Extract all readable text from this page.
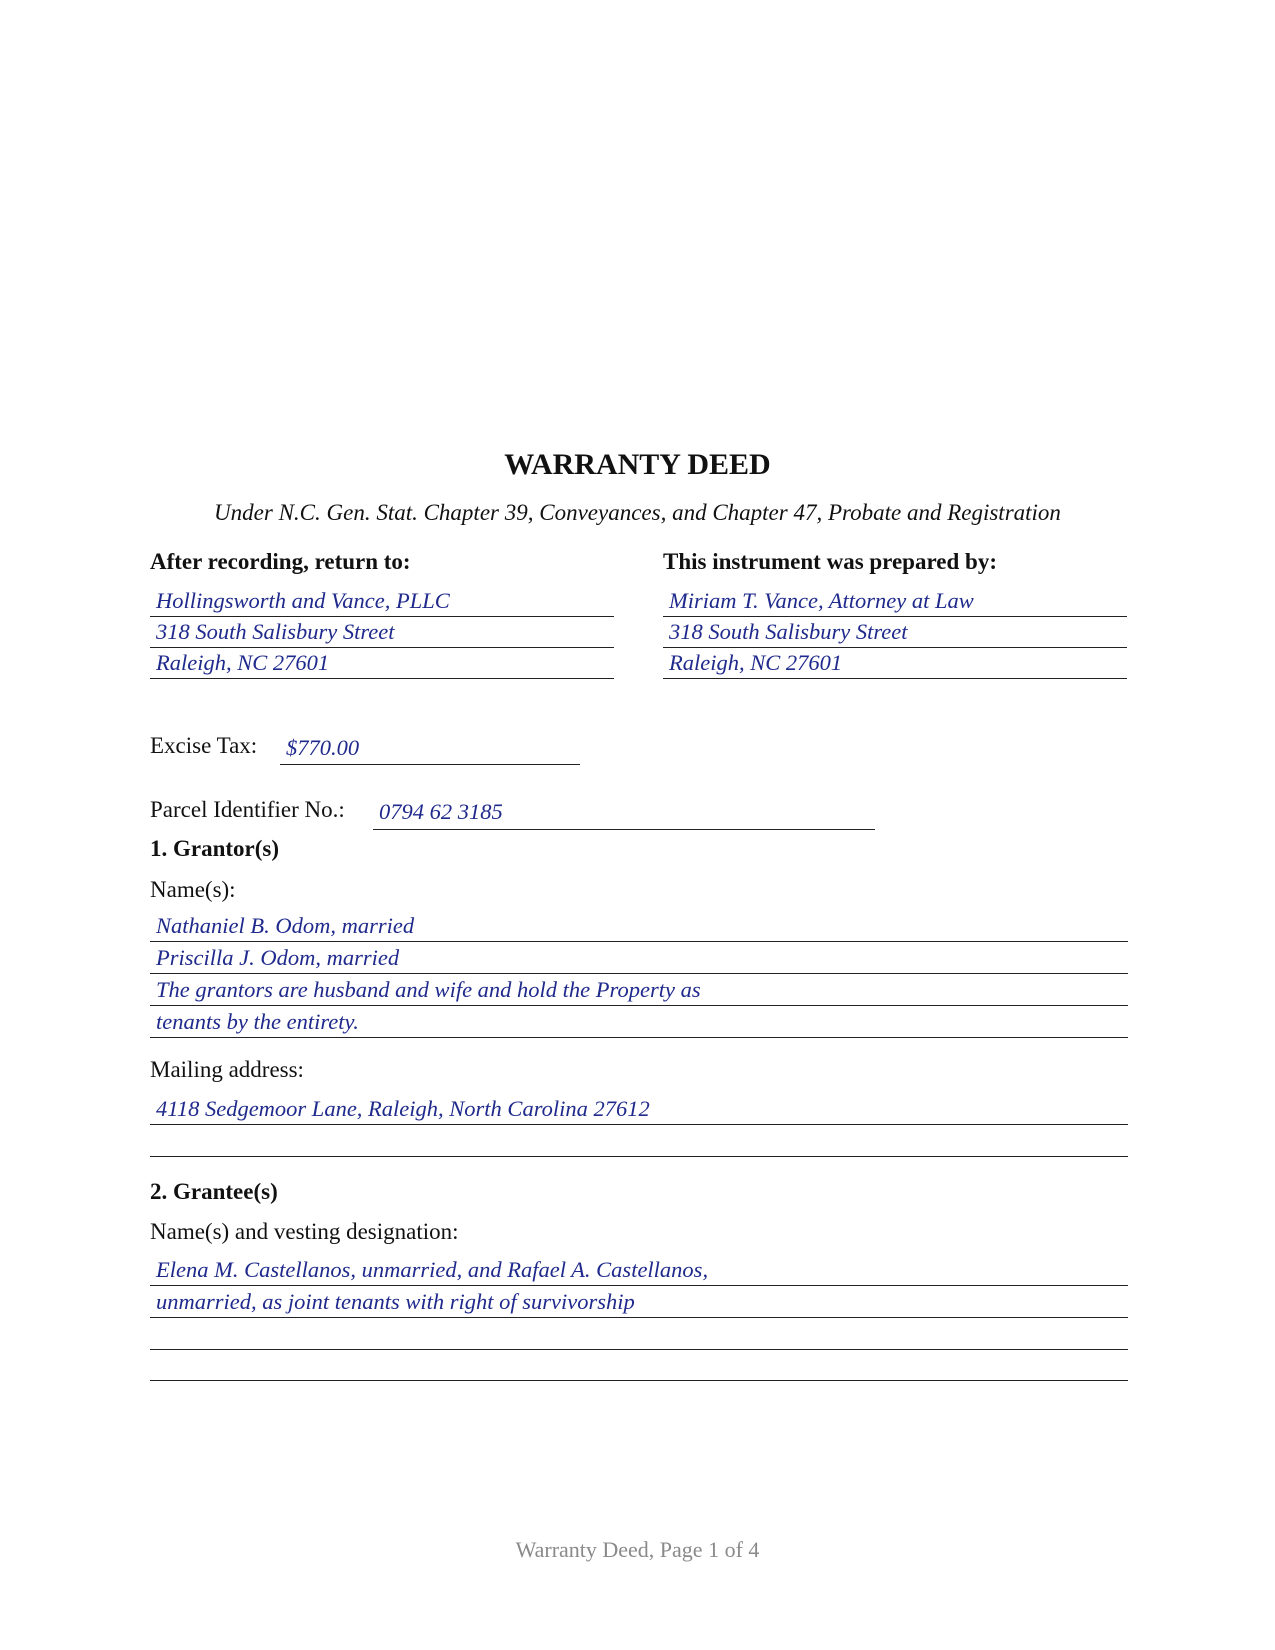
WARRANTY DEED
Under N.C. Gen. Stat. Chapter 39, Conveyances, and Chapter 47, Probate and Registration
After recording, return to:
Hollingsworth and Vance, PLLC
318 South Salisbury Street
Raleigh, NC 27601
This instrument was prepared by:
Miriam T. Vance, Attorney at Law
318 South Salisbury Street
Raleigh, NC 27601
Excise Tax: $770.00
Parcel Identifier No.: 0794 62 3185
1. Grantor(s)
Name(s):
Nathaniel B. Odom, married
Priscilla J. Odom, married
The grantors are husband and wife and hold the Property as
tenants by the entirety.
Mailing address:
4118 Sedgemoor Lane, Raleigh, North Carolina 27612
2. Grantee(s)
Name(s) and vesting designation:
Elena M. Castellanos, unmarried, and Rafael A. Castellanos,
unmarried, as joint tenants with right of survivorship
Warranty Deed, Page 1 of 4
